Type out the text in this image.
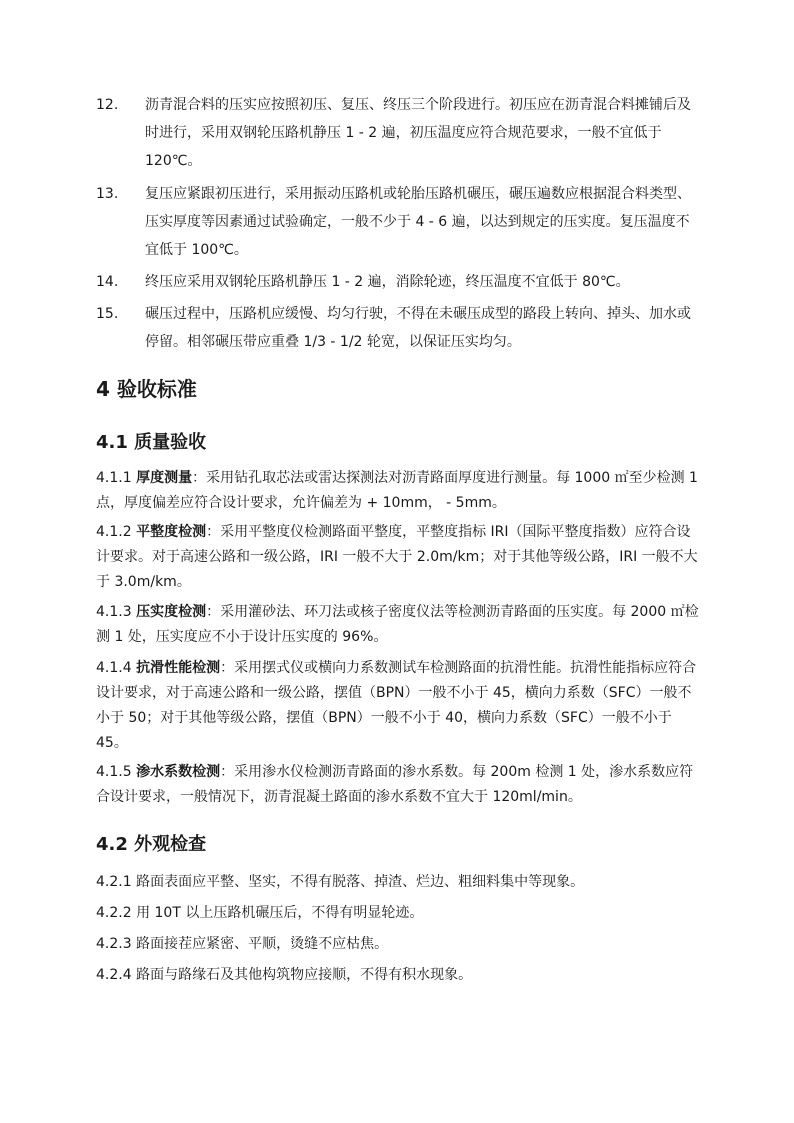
12.	沥青混合料的压实应按照初压、复压、终压三个阶段进行。初压应在沥青混合料摊铺后及时进行，采用双钢轮压路机静压 1 - 2 遍，初压温度应符合规范要求，一般不宜低于 120℃。
13.	复压应紧跟初压进行，采用振动压路机或轮胎压路机碾压，碾压遍数应根据混合料类型、压实厚度等因素通过试验确定，一般不少于 4 - 6 遍，以达到规定的压实度。复压温度不宜低于 100℃。
14.	终压应采用双钢轮压路机静压 1 - 2 遍，消除轮迹，终压温度不宜低于 80℃。
15.	碾压过程中，压路机应缓慢、均匀行驶，不得在未碾压成型的路段上转向、掉头、加水或停留。相邻碾压带应重叠 1/3 - 1/2 轮宽，以保证压实均匀。
4 验收标准
4.1 质量验收

4.1.1 厚度测量：采用钻孔取芯法或雷达探测法对沥青路面厚度进行测量。每 1000 ㎡至少检测 1 点，厚度偏差应符合设计要求，允许偏差为 + 10mm， - 5mm。

4.1.2 平整度检测：采用平整度仪检测路面平整度，平整度指标 IRI（国际平整度指数）应符合设计要求。对于高速公路和一级公路，IRI 一般不大于 2.0m/km；对于其他等级公路，IRI 一般不大于 3.0m/km。

4.1.3 压实度检测：采用灌砂法、环刀法或核子密度仪法等检测沥青路面的压实度。每 2000 ㎡检测 1 处，压实度应不小于设计压实度的 96%。

4.1.4 抗滑性能检测：采用摆式仪或横向力系数测试车检测路面的抗滑性能。抗滑性能指标应符合设计要求，对于高速公路和一级公路，摆值（BPN）一般不小于 45，横向力系数（SFC）一般不小于 50；对于其他等级公路，摆值（BPN）一般不小于 40，横向力系数（SFC）一般不小于 45。

4.1.5 渗水系数检测：采用渗水仪检测沥青路面的渗水系数。每 200m 检测 1 处，渗水系数应符合设计要求，一般情况下，沥青混凝土路面的渗水系数不宜大于 120ml/min。

4.2 外观检查

4.2.1 路面表面应平整、坚实，不得有脱落、掉渣、烂边、粗细料集中等现象。

4.2.2 用 10T 以上压路机碾压后，不得有明显轮迹。

4.2.3 路面接茬应紧密、平顺，烫缝不应枯焦。

4.2.4 路面与路缘石及其他构筑物应接顺，不得有积水现象。
